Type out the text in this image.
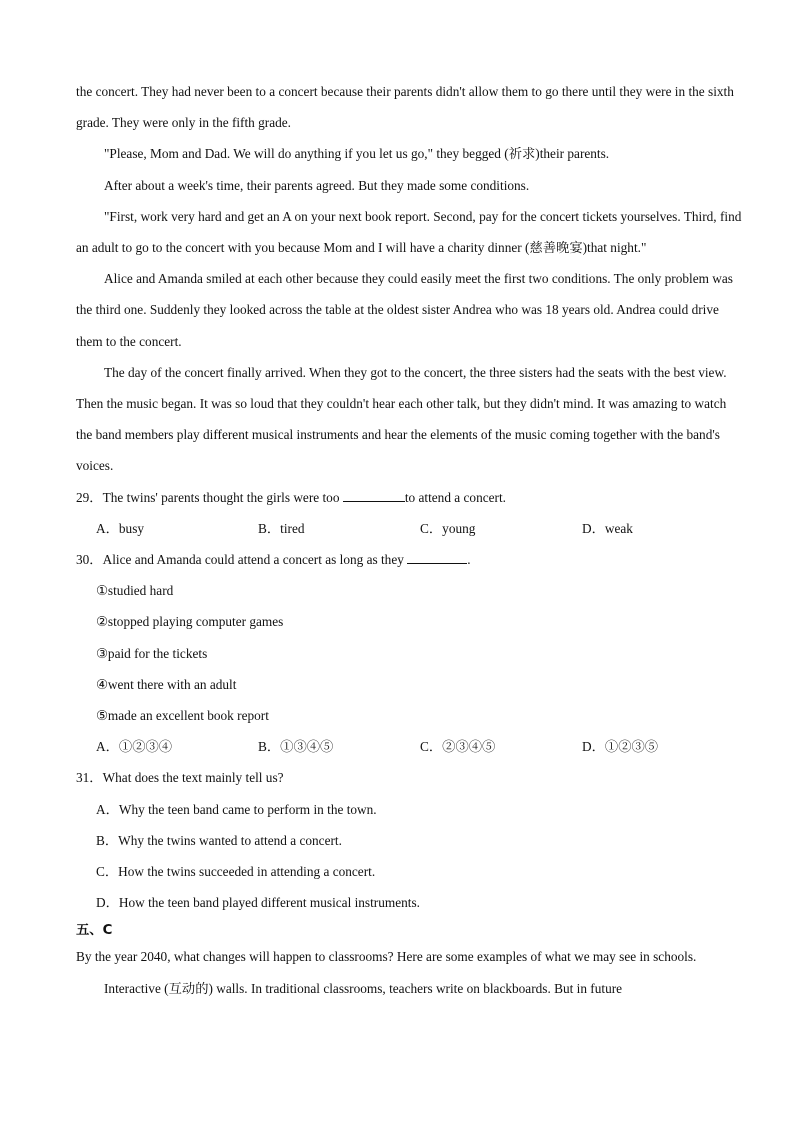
the concert. They had never been to a concert because their parents didn't allow them to go there until they were in the sixth grade. They were only in the fifth grade.

"Please, Mom and Dad. We will do anything if you let us go," they begged (祈求)their parents.

After about a week's time, their parents agreed. But they made some conditions.

"First, work very hard and get an A on your next book report. Second, pay for the concert tickets yourselves. Third, find an adult to go to the concert with you because Mom and I will have a charity dinner (慈善晚宴)that night."

Alice and Amanda smiled at each other because they could easily meet the first two conditions. The only problem was the third one. Suddenly they looked across the table at the oldest sister Andrea who was 18 years old. Andrea could drive them to the concert.

The day of the concert finally arrived. When they got to the concert, the three sisters had the seats with the best view. Then the music began. It was so loud that they couldn't hear each other talk, but they didn't mind. It was amazing to watch the band members play different musical instruments and hear the elements of the music coming together with the band's voices.

29．The twins' parents thought the girls were too	to attend a concert.
A．busy	B．tired	C．young	D．weak
30．Alice and Amanda could attend a concert as long as they	.
①studied hard
②stopped playing computer games
③paid for the tickets
④went there with an adult
⑤made an excellent book report
A．①②③④	B．①③④⑤	C．②③④⑤	D．①②③⑤
31．What does the text mainly tell us?
A．Why the teen band came to perform in the town.
B．Why the twins wanted to attend a concert.
C．How the twins succeeded in attending a concert.
D．How the teen band played different musical instruments.
五、C

By the year 2040, what changes will happen to classrooms? Here are some examples of what we may see in schools.

Interactive (互动的) walls. In traditional classrooms, teachers write on blackboards. But in future
